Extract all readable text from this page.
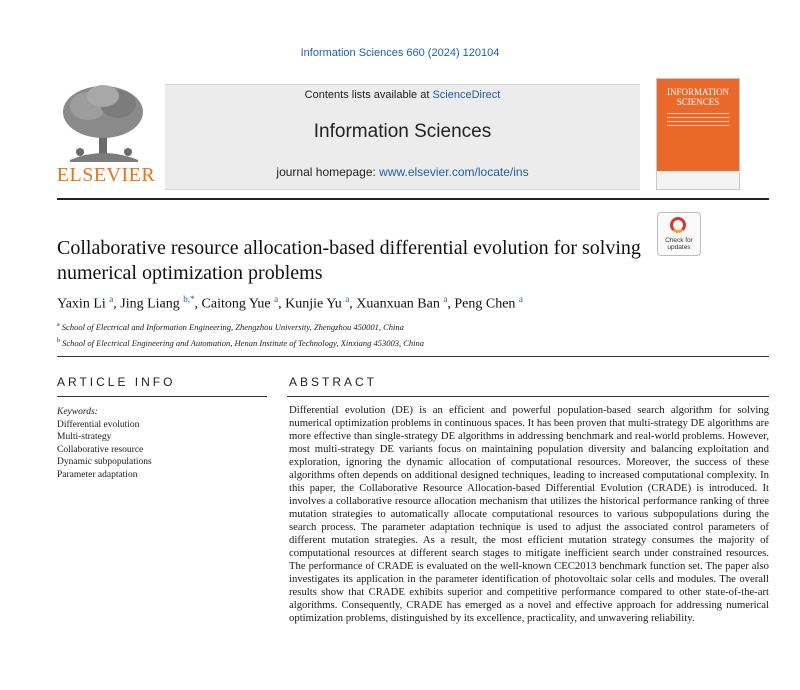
Information Sciences 660 (2024) 120104
ELSEVIER
Contents lists available at ScienceDirect
Information Sciences
journal homepage: www.elsevier.com/locate/ins
INFORMATION SCIENCES
Check for updates
Collaborative resource allocation-based differential evolution for solving numerical optimization problems
Yaxin Li $^a$, Jing Liang $^{b,*}$, Caitong Yue $^a$, Kunjie Yu $^a$, Xuanxuan Ban $^a$, Peng Chen $^a$
$^a$ School of Electrical and Information Engineering, Zhengzhou University, Zhengzhou 450001, China
$^b$ School of Electrical Engineering and Automation, Henan Institute of Technology, Xinxiang 453003, China
ARTICLE INFO	ABSTRACT
Keywords:
Differential evolution
Multi-strategy
Collaborative resource
Dynamic subpopulations
Parameter adaptation
Differential evolution (DE) is an efficient and powerful population-based search algorithm for solving numerical optimization problems in continuous spaces. It has been proven that multi-strategy DE algorithms are more effective than single-strategy DE algorithms in addressing benchmark and real-world problems. However, most multi-strategy DE variants focus on maintaining population diversity and balancing exploitation and exploration, ignoring the dynamic allocation of computational resources. Moreover, the success of these algorithms often depends on additional designed techniques, leading to increased computational complexity. In this paper, the Collaborative Resource Allocation-based Differential Evolution (CRADE) is introduced. It involves a collaborative resource allocation mechanism that utilizes the historical performance ranking of three mutation strategies to automatically allocate computational resources to various subpopulations during the search process. The parameter adaptation technique is used to adjust the associated control parameters of different mutation strategies. As a result, the most efficient mutation strategy consumes the majority of computational resources at different search stages to mitigate inefficient search under constrained resources. The performance of CRADE is evaluated on the well-known CEC2013 benchmark function set. The paper also investigates its application in the parameter identification of photovoltaic solar cells and modules. The overall results show that CRADE exhibits superior and competitive performance compared to other state-of-the-art algorithms. Consequently, CRADE has emerged as a novel and effective approach for addressing numerical optimization problems, distinguished by its excellence, practicality, and unwavering reliability.
